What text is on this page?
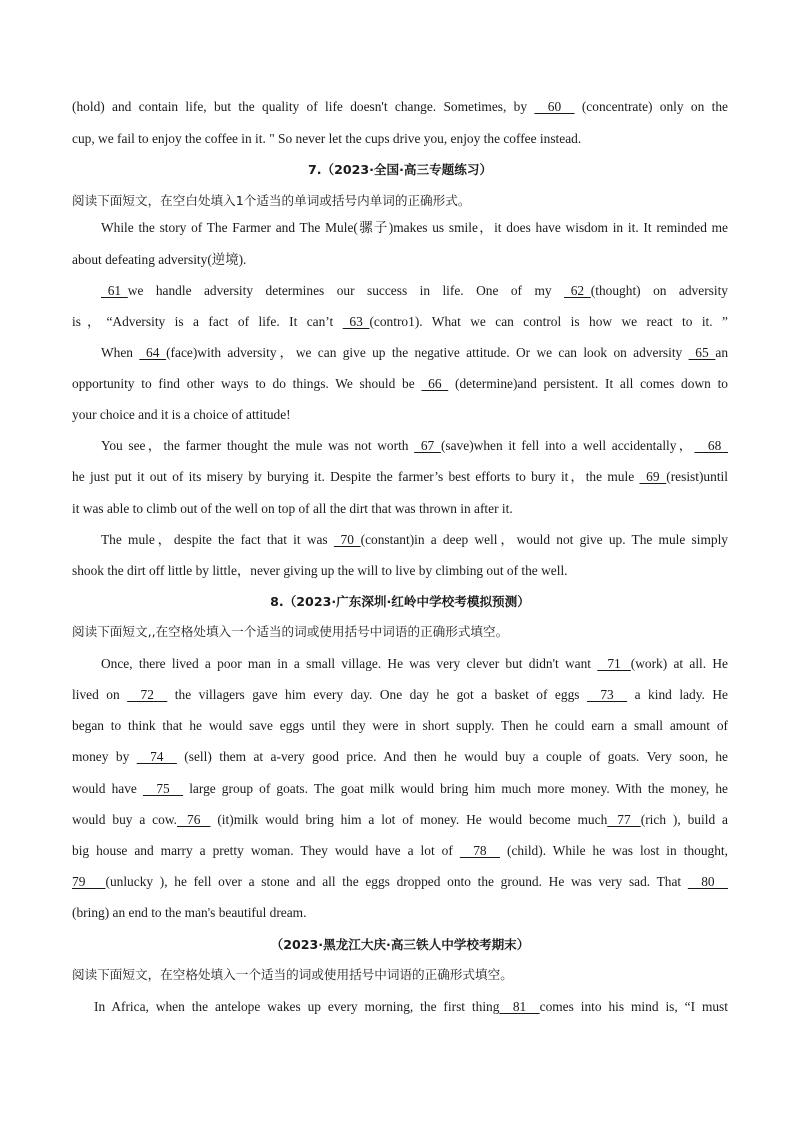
(hold) and contain life, but the quality of life doesn't change. Sometimes, by     60     (concentrate) only on the
cup, we fail to enjoy the coffee in it. " So never let the cups drive you, enjoy the coffee instead.
7.（2023·全国·高三专题练习）
阅读下面短文，在空白处填入1个适当的单词或括号内单词的正确形式。
While the story of The Farmer and The Mule(骡子)makes us smile，it does have wisdom in it. It reminded me
about defeating adversity(逆境).
61  we handle adversity determines our success in life. One of my   62  (thought) on adversity
is，“Adversity is a fact of life. It can’t   63  (contro1). What we can control is how we react to it. ”
When   64  (face)with adversity，we can give up the negative attitude. Or we can look on adversity   65  an
opportunity to find other ways to do things. We should be   66   (determine)and persistent. It all comes down to
your choice and it is a choice of attitude!
You see，the farmer thought the mule was not worth   67  (save)when it fell into a well accidentally，    68
he just put it out of its misery by burying it. Despite the farmer’s best efforts to bury it，the mule   69  (resist)until
it was able to climb out of the well on top of all the dirt that was thrown in after it.
The mule，despite the fact that it was   70  (constant)in a deep well，would not give up. The mule simply
shook the dirt off little by little，never giving up the will to live by climbing out of the well.
8.（2023·广东深圳·红岭中学校考模拟预测）
阅读下面短文,,在空格处填入一个适当的词或使用括号中词语的正确形式填空。
Once, there lived a poor man in a small village. He was very clever but didn't want    71   (work) at all. He
lived on     72     the villagers gave him every day. One day he got a basket of eggs     73     a kind lady. He
began to think that he would save eggs until they were in short supply. Then he could earn a small amount of
money by     74     (sell) them at a-very good price. And then he would buy a couple of goats. Very soon, he
would have     75     large group of goats. The goat milk would bring him much more money. With the money, he
would buy a cow.   76    (it)milk would bring him a lot of money. He would become much   77   (rich ), build a
big house and marry a pretty woman. They would have a lot of     78     (child). While he was lost in thought,
79      (unlucky ), he fell over a stone and all the eggs dropped onto the ground. He was very sad. That     80
(bring) an end to the man's beautiful dream.
（2023·黑龙江大庆·高三铁人中学校考期末）
阅读下面短文，在空格处填入一个适当的词或使用括号中词语的正确形式填空。
In Africa, when the antelope wakes up every morning, the first thing    81    comes into his mind is, “I must
